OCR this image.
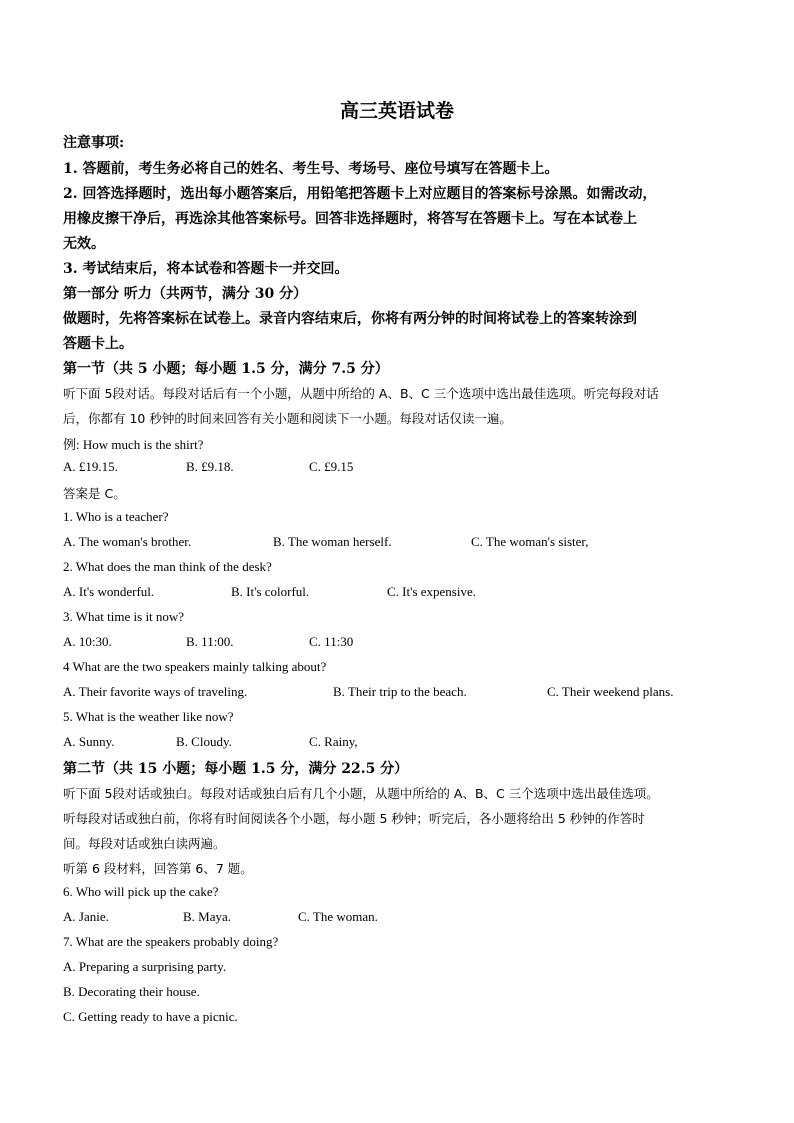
高三英语试卷
注意事项:
1. 答题前，考生务必将自己的姓名、考生号、考场号、座位号填写在答题卡上。
2. 回答选择题时，选出每小题答案后，用铅笔把答题卡上对应题目的答案标号涂黑。如需改动，
用橡皮擦干净后，再选涂其他答案标号。回答非选择题时，将答写在答题卡上。写在本试卷上
无效。
3. 考试结束后，将本试卷和答题卡一并交回。
第一部分 听力（共两节，满分 30 分）
做题时，先将答案标在试卷上。录音内容结束后，你将有两分钟的时间将试卷上的答案转涂到
答题卡上。
第一节（共 5 小题；每小题 1.5 分，满分 7.5 分）
听下面 5段对话。每段对话后有一个小题，从题中所给的 A、B、C 三个选项中选出最佳选项。听完每段对话
后，你都有 10 秒钟的时间来回答有关小题和阅读下一小题。每段对话仅读一遍。
例: How much is the shirt?
A. £19.15.	B. £9.18.	C. £9.15
答案是 C。
1. Who is a teacher?
A. The woman's brother.	B. The woman herself.	C. The woman's sister,
2. What does the man think of the desk?
A. It's wonderful.	B. It's colorful.	C. It's expensive.
3. What time is it now?
A. 10:30.	B. 11:00.	C. 11:30
4 What are the two speakers mainly talking about?
A. Their favorite ways of traveling.	B. Their trip to the beach.	C. Their weekend plans.
5. What is the weather like now?
A. Sunny.	B. Cloudy.	C. Rainy,
第二节（共 15 小题；每小题 1.5 分，满分 22.5 分）
听下面 5段对话或独白。每段对话或独白后有几个小题，从题中所给的 A、B、C 三个选项中选出最佳选项。
听每段对话或独白前，你将有时间阅读各个小题，每小题 5 秒钟；听完后，各小题将给出 5 秒钟的作答时
间。每段对话或独白读两遍。
听第 6 段材料，回答第 6、7 题。
6. Who will pick up the cake?
A. Janie.	B. Maya.	C. The woman.
7. What are the speakers probably doing?
A. Preparing a surprising party.
B. Decorating their house.
C. Getting ready to have a picnic.
